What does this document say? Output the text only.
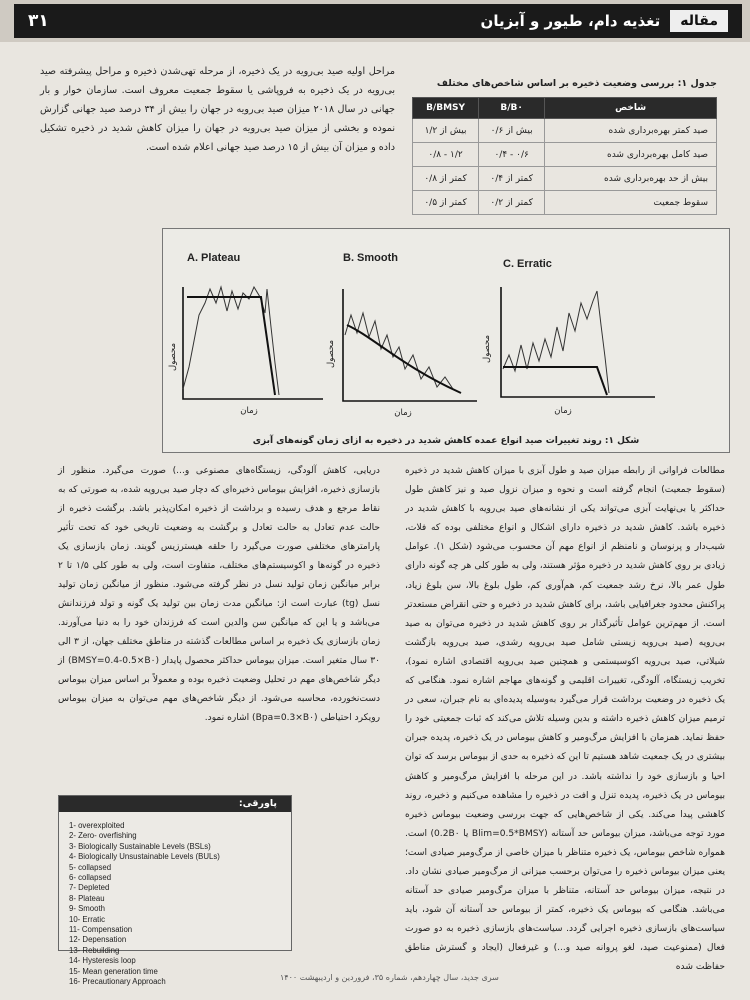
۳۱	تغذیه دام، طیور و آبزیان	مقاله

مراحل اولیه صید بی‌رویه در یک ذخیره، از مرحله تهی‌شدن ذخیره و مراحل پیشرفته صید بی‌رویه در یک ذخیره به فروپاشی یا سقوط جمعیت معروف است. سازمان خوار و بار جهانی در سال ۲۰۱۸ میزان صید بی‌رویه در جهان را بیش از ۳۴ درصد صید جهانی گزارش نموده و بخشی از میزان صید بی‌رویه در جهان را میزان کاهش شدید در ذخیره تشکیل داده و میزان آن بیش از ۱۵ درصد صید جهانی اعلام شده است.

جدول ۱: بررسی وضعیت ذخیره بر اساس شاخص‌های مختلف
شاخص	B/B۰	B/BMSY
صید کمتر بهره‌برداری شده	بیش از ۰/۶	بیش از ۱/۲
صید کامل بهره‌برداری شده	۰/۶ - ۰/۴	۱/۲ - ۰/۸
بیش از حد بهره‌برداری شده	کمتر از ۰/۴	کمتر از ۰/۸
سقوط جمعیت	کمتر از ۰/۲	کمتر از ۰/۵
A. Plateau
محصول
زمان
B. Smooth
محصول
زمان
C. Erratic
محصول
زمان
شکل ۱: روند تغییرات صید انواع عمده کاهش شدید در ذخیره به ازای زمان گونه‌های آبزی

مطالعات فراوانی از رابطه میزان صید و طول آبزی با میزان کاهش شدید در ذخیره (سقوط جمعیت) انجام گرفته است و نحوه و میزان نزول صید و نیز کاهش طول حداکثر یا بی‌نهایت آبزی می‌تواند یکی از نشانه‌های صید بی‌رویه با کاهش شدید در ذخیره باشد. کاهش شدید در ذخیره دارای اشکال و انواع مختلفی بوده که فلات، شیب‌دار و پرنوسان و نامنظم از انواع مهم آن محسوب می‌شود (شکل ۱). عوامل زیادی بر روی کاهش شدید در ذخیره مؤثر هستند، ولی به طور کلی هر چه گونه دارای طول عمر بالا، نرخ رشد جمعیت کم، هم‌آوری کم، طول بلوغ بالا، سن بلوغ زیاد، پراکنش محدود جغرافیایی باشد، برای کاهش شدید در ذخیره و حتی انقراض مستعدتر است. از مهم‌ترین عوامل تأثیرگذار بر روی کاهش شدید در ذخیره می‌توان به صید بی‌رویه (صید بی‌رویه زیستی شامل صید بی‌رویه رشدی، صید بی‌رویه بازگشت شیلاتی، صید بی‌رویه اکوسیستمی و همچنین صید بی‌رویه اقتصادی اشاره نمود)، تخریب زیستگاه، آلودگی، تغییرات اقلیمی و گونه‌های مهاجم اشاره نمود. هنگامی که یک ذخیره در وضعیت برداشت قرار می‌گیرد به‌وسیله پدیده‌ای به نام جبران، سعی در ترمیم میزان کاهش ذخیره داشته و بدین وسیله تلاش می‌کند که ثبات جمعیتی خود را حفظ نماید. همزمان با افزایش مرگ‌ومیر و کاهش بیوماس در یک ذخیره، پدیده جبران بیشتری در یک جمعیت شاهد هستیم تا این که ذخیره به حدی از بیوماس برسد که توان احیا و بازسازی خود را نداشته باشد. در این مرحله با افزایش مرگ‌ومیر و کاهش بیوماس در یک ذخیره، پدیده تنزل و افت در ذخیره را مشاهده می‌کنیم و ذخیره، روند کاهشی پیدا می‌کند. یکی از شاخص‌هایی که جهت بررسی وضعیت بیوماس ذخیره مورد توجه می‌باشد، میزان بیوماس حد آستانه (Blim=0.5*BMSY یا 0.2B۰) است. همواره شاخص بیوماس، یک ذخیره متناظر با میزان خاصی از مرگ‌ومیر صیادی است؛ یعنی میزان بیوماس ذخیره را می‌توان برحسب میزانی از مرگ‌ومیر صیادی نشان داد. در نتیجه، میزان بیوماس حد آستانه، متناظر با میزان مرگ‌ومیر صیادی حد آستانه می‌باشد. هنگامی که بیوماس یک ذخیره، کمتر از بیوماس حد آستانه آن شود، باید سیاست‌های بازسازی ذخیره اجرایی گردد. سیاست‌های بازسازی ذخیره به دو صورت فعال (ممنوعیت صید، لغو پروانه صید و...) و غیرفعال (ایجاد و گسترش مناطق حفاظت شده

دریایی، کاهش آلودگی، زیستگاه‌های مصنوعی و...) صورت می‌گیرد. منظور از بازسازی ذخیره، افزایش بیوماس ذخیره‌ای که دچار صید بی‌رویه شده، به صورتی که به نقاط مرجع و هدف رسیده و برداشت از ذخیره امکان‌پذیر باشد. برگشت ذخیره از حالت عدم تعادل به حالت تعادل و برگشت به وضعیت تاریخی خود که تحت تأثیر پارامترهای مختلفی صورت می‌گیرد را حلقه هیسترزیس گویند. زمان بازسازی یک ذخیره در گونه‌ها و اکوسیستم‌های مختلف، متفاوت است، ولی به طور کلی ۱/۵ تا ۲ برابر میانگین زمان تولید نسل در نظر گرفته می‌شود. منظور از میانگین زمان تولید نسل (tg) عبارت است از: میانگین مدت زمان بین تولید یک گونه و تولد فرزندانش می‌باشد و یا این که میانگین سن والدین است که فرزندان خود را به دنیا می‌آورند. زمان بازسازی یک ذخیره بر اساس مطالعات گذشته در مناطق مختلف جهان، از ۳ الی ۳۰ سال متغیر است. میزان بیوماس حداکثر محصول پایدار (BMSY=0.4-0.5×B۰) از دیگر شاخص‌های مهم در تحلیل وضعیت ذخیره بوده و معمولاً بر اساس میزان بیوماس دست‌نخورده، محاسبه می‌شود. از دیگر شاخص‌های مهم می‌توان به میزان بیوماس رویکرد احتیاطی (Bpa=0.3×B۰) اشاره نمود.

پاورقی:
1- overexploited
2- Zero- overfishing
3- Biologically Sustainable Levels (BSLs)
4- Biologically Unsustainable Levels (BULs)
5- collapsed
6- collapsed
7- Depleted
8- Plateau
9- Smooth
10- Erratic
11- Compensation
12- Depensation
13- Rebuilding
14- Hysteresis loop
15- Mean generation time
16- Precautionary Approach	سری جدید، سال چهاردهم، شماره ۳۵، فروردین و اردیبهشت ۱۴۰۰
